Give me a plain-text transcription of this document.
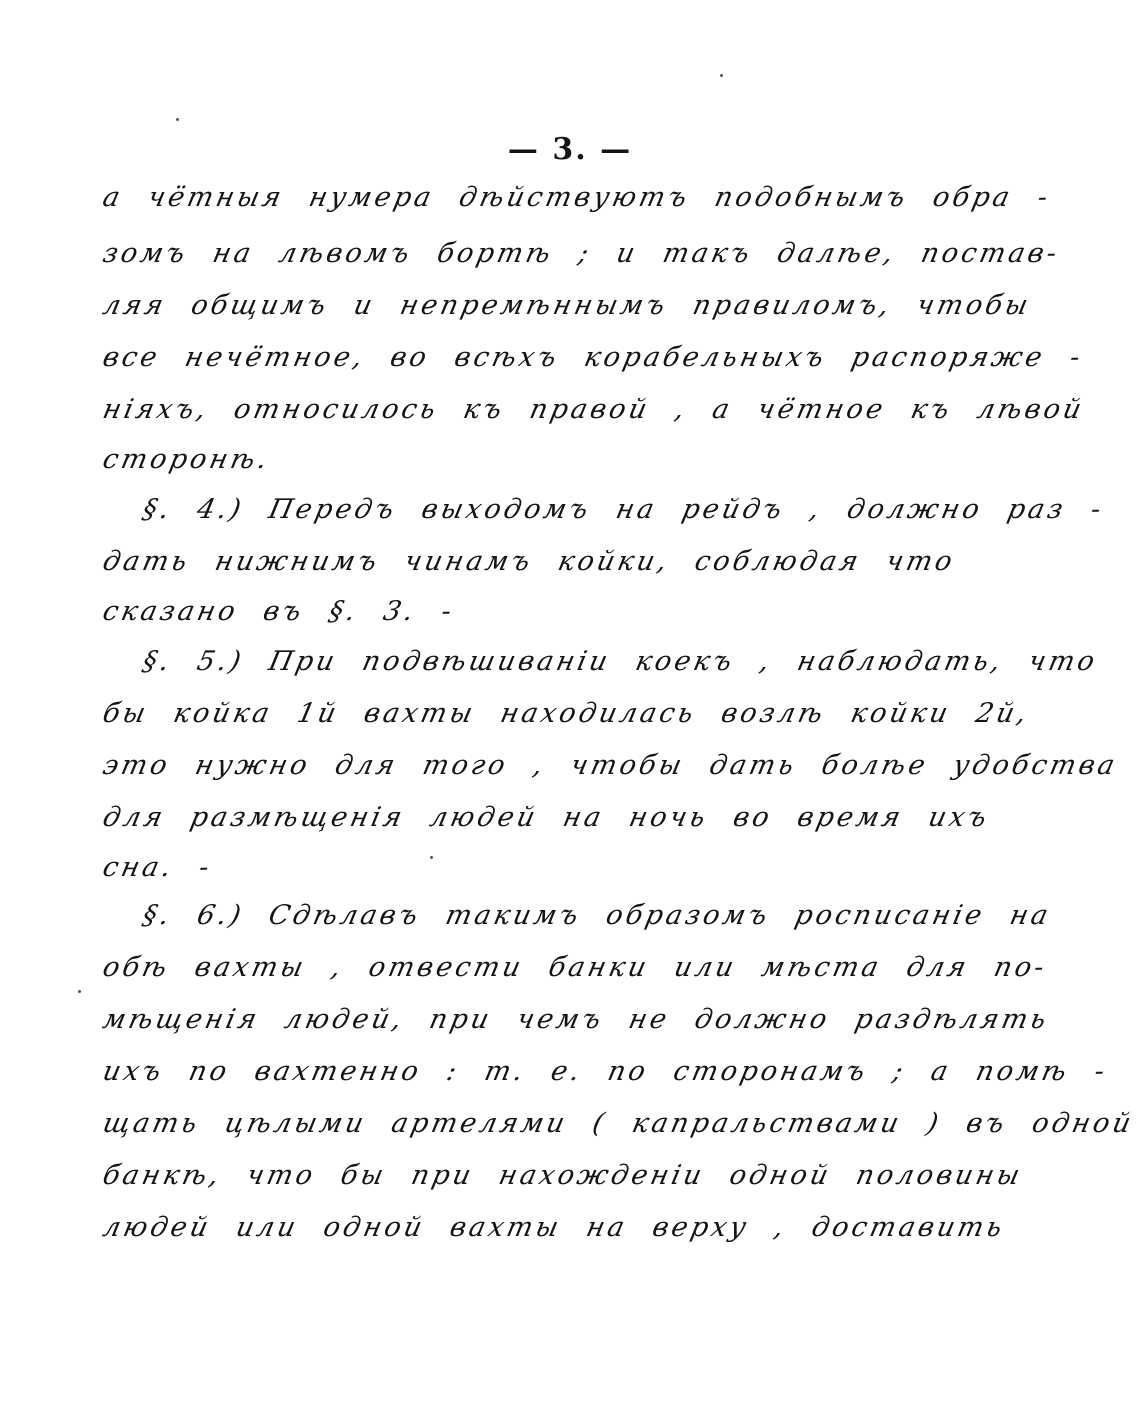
— 3. —
а чётныя нумера дѣйствуютъ подобнымъ обра -
зомъ на лѣвомъ бортѣ ; и такъ далѣе, постав-
ляя общимъ и непремѣннымъ правиломъ, чтобы
все нечётное, во всѣхъ корабельныхъ распоряже -
ніяхъ, относилось къ правой , а чётное къ лѣвой
сторонѣ.
§. 4.) Передъ выходомъ на рейдъ , должно раз -
дать нижнимъ чинамъ койки, соблюдая что
сказано въ §. 3. -
§. 5.) При подвѣшиваніи коекъ , наблюдать, что
бы койка 1й вахты находилась возлѣ койки 2й,
это нужно для того , чтобы дать болѣе удобства
для размѣщенія людей на ночь во время ихъ
сна. -
§. 6.) Сдѣлавъ такимъ образомъ росписаніе на
обѣ вахты , отвести банки или мѣста для по-
мѣщенія людей, при чемъ не должно раздѣлять
ихъ по вахтенно : т. е. по сторонамъ ; а помѣ -
щать цѣлыми артелями ( капральствами ) въ одной
банкѣ, что бы при нахожденіи одной половины
людей или одной вахты на верху , доставить
